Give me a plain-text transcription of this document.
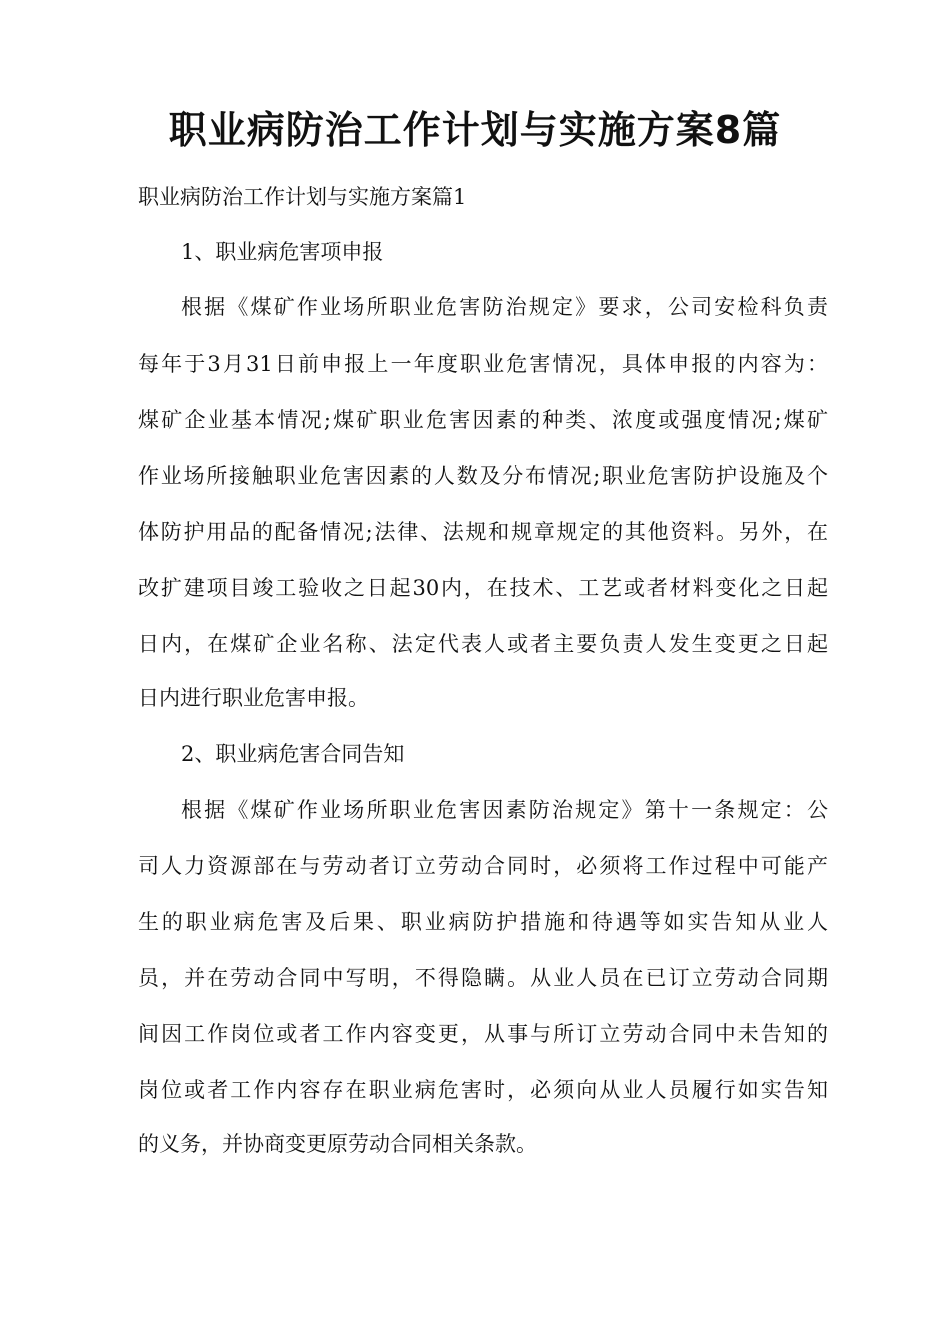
职业病防治工作计划与实施方案8篇
职业病防治工作计划与实施方案篇1
1、职业病危害项申报
根据《煤矿作业场所职业危害防治规定》要求，公司安检科负责
每年于3月31日前申报上一年度职业危害情况，具体申报的内容为：
煤矿企业基本情况;煤矿职业危害因素的种类、浓度或强度情况;煤矿
作业场所接触职业危害因素的人数及分布情况;职业危害防护设施及个
体防护用品的配备情况;法律、法规和规章规定的其他资料。另外，在
改扩建项目竣工验收之日起30内，在技术、工艺或者材料变化之日起
日内，在煤矿企业名称、法定代表人或者主要负责人发生变更之日起
日内进行职业危害申报。
2、职业病危害合同告知
根据《煤矿作业场所职业危害因素防治规定》第十一条规定：公
司人力资源部在与劳动者订立劳动合同时，必须将工作过程中可能产
生的职业病危害及后果、职业病防护措施和待遇等如实告知从业人
员，并在劳动合同中写明，不得隐瞒。从业人员在已订立劳动合同期
间因工作岗位或者工作内容变更，从事与所订立劳动合同中未告知的
岗位或者工作内容存在职业病危害时，必须向从业人员履行如实告知
的义务，并协商变更原劳动合同相关条款。
